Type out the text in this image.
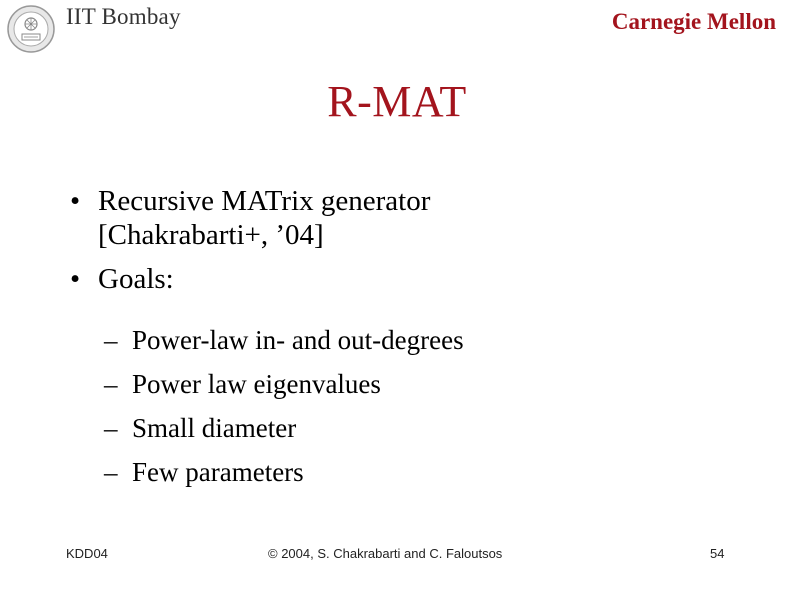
IIT Bombay	Carnegie Mellon
R-MAT
• Recursive MATrix generator
[Chakrabarti+, ’04]
• Goals:
– Power-law in- and out-degrees
– Power law eigenvalues
– Small diameter
– Few parameters
KDD04	© 2004, S. Chakrabarti and C. Faloutsos	54
